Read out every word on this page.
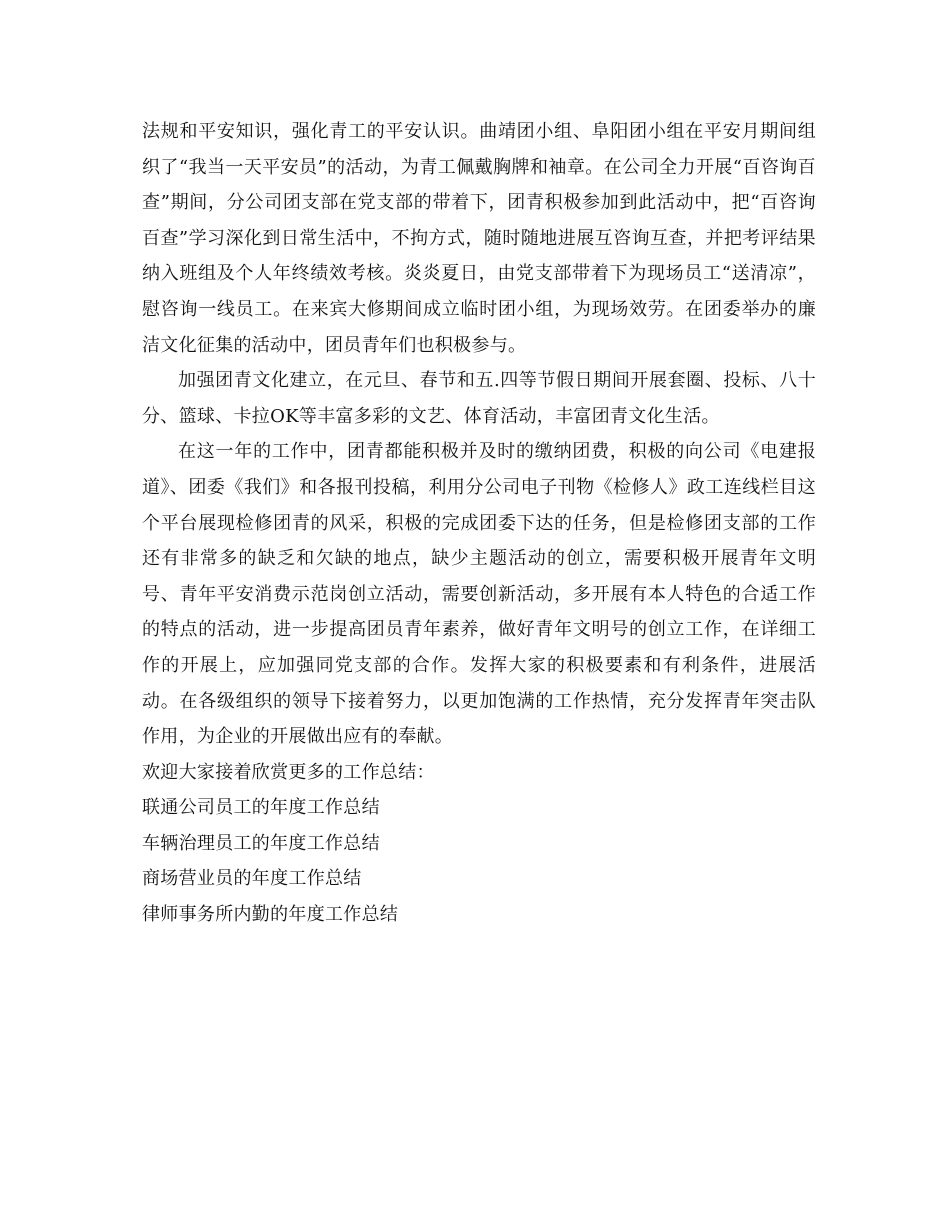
法规和平安知识，强化青工的平安认识。曲靖团小组、阜阳团小组在平安月期间组织了“我当一天平安员”的活动，为青工佩戴胸牌和袖章。在公司全力开展“百咨询百查”期间，分公司团支部在党支部的带着下，团青积极参加到此活动中，把“百咨询百查”学习深化到日常生活中，不拘方式，随时随地进展互咨询互查，并把考评结果纳入班组及个人年终绩效考核。炎炎夏日，由党支部带着下为现场员工“送清凉”，慰咨询一线员工。在来宾大修期间成立临时团小组，为现场效劳。在团委举办的廉洁文化征集的活动中，团员青年们也积极参与。

加强团青文化建立，在元旦、春节和五.四等节假日期间开展套圈、投标、八十分、篮球、卡拉OK等丰富多彩的文艺、体育活动，丰富团青文化生活。

在这一年的工作中，团青都能积极并及时的缴纳团费，积极的向公司《电建报道》、团委《我们》和各报刊投稿，利用分公司电子刊物《检修人》政工连线栏目这个平台展现检修团青的风采，积极的完成团委下达的任务，但是检修团支部的工作还有非常多的缺乏和欠缺的地点，缺少主题活动的创立，需要积极开展青年文明号、青年平安消费示范岗创立活动，需要创新活动，多开展有本人特色的合适工作的特点的活动，进一步提高团员青年素养，做好青年文明号的创立工作，在详细工作的开展上，应加强同党支部的合作。发挥大家的积极要素和有利条件，进展活动。在各级组织的领导下接着努力，以更加饱满的工作热情，充分发挥青年突击队作用，为企业的开展做出应有的奉献。

欢迎大家接着欣赏更多的工作总结：

联通公司员工的年度工作总结
车辆治理员工的年度工作总结
商场营业员的年度工作总结
律师事务所内勤的年度工作总结
